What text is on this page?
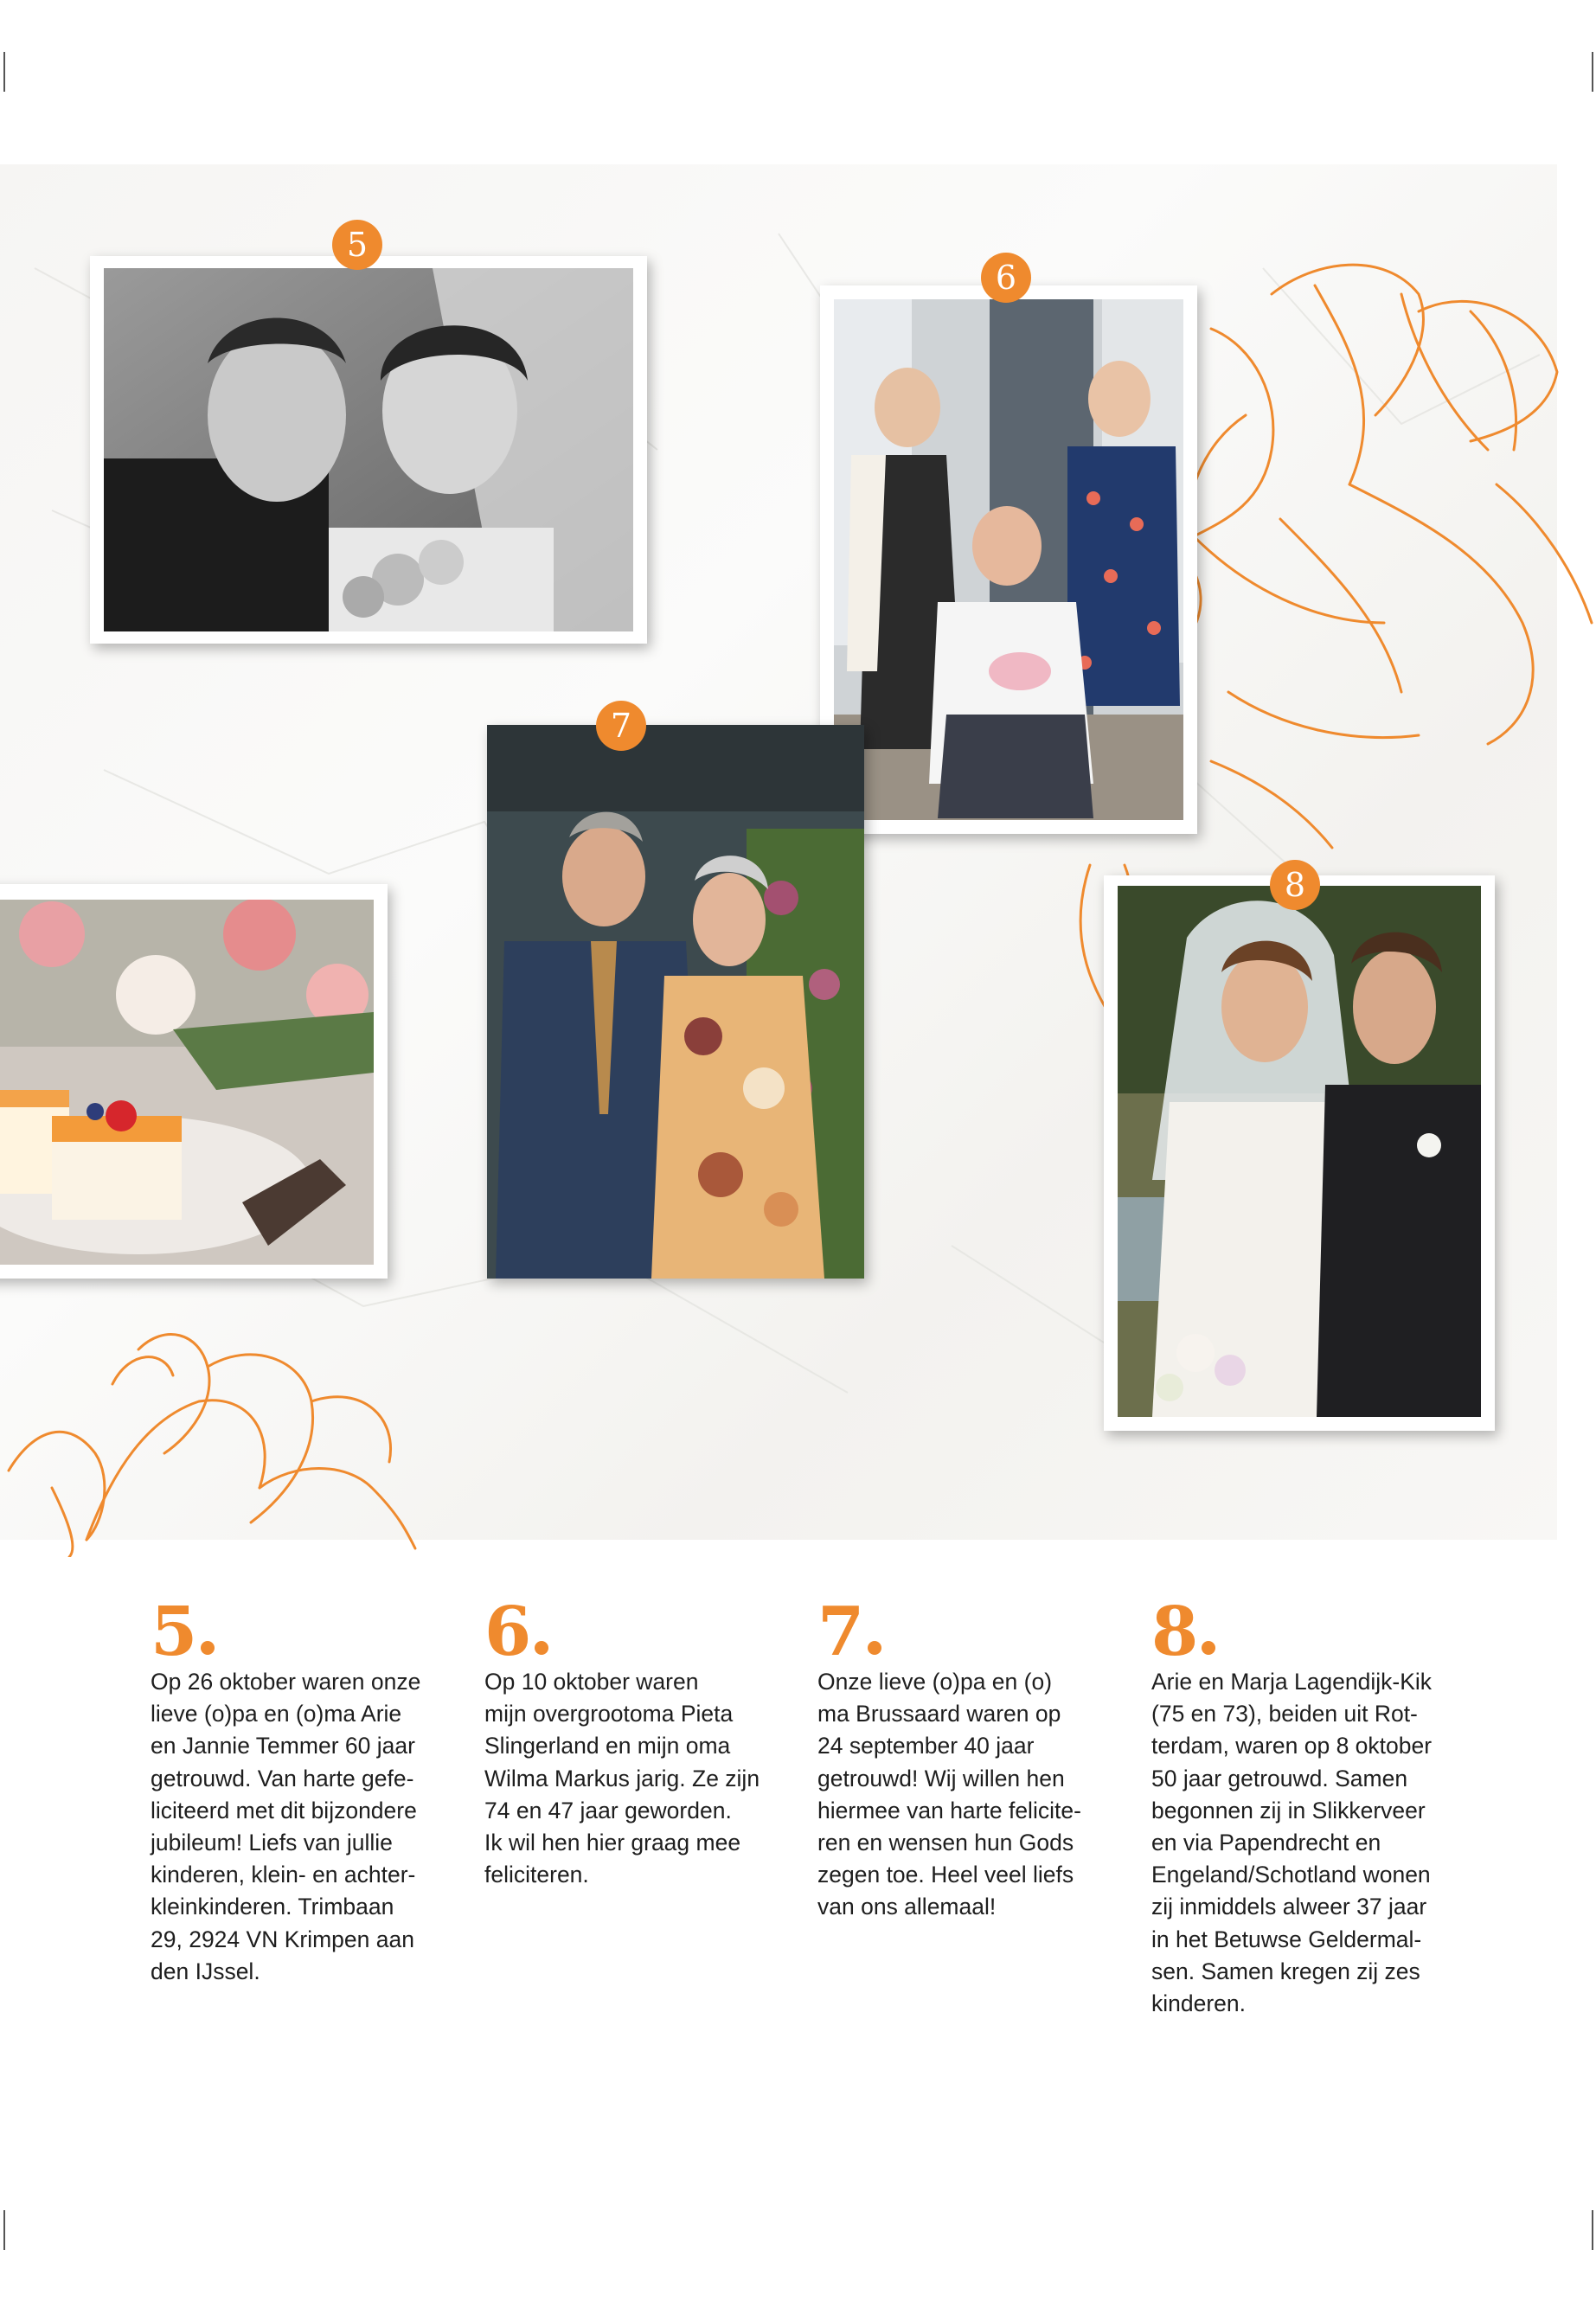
5
6
7
8
5
Op 26 oktober waren onze
lieve (o)pa en (o)ma Arie
en Jannie Temmer 60 jaar
getrouwd. Van harte gefe-
liciteerd met dit bijzondere
jubileum! Liefs van jullie
kinderen, klein- en achter-
kleinkinderen. Trimbaan
29, 2924 VN Krimpen aan
den IJssel.
6
Op 10 oktober waren
mijn overgrootoma Pieta
Slingerland en mijn oma
Wilma Markus jarig. Ze zijn
74 en 47 jaar geworden.
Ik wil hen hier graag mee
feliciteren.
7
Onze lieve (o)pa en (o)
ma Brussaard waren op
24 september 40 jaar
getrouwd! Wij willen hen
hiermee van harte felicite-
ren en wensen hun Gods
zegen toe. Heel veel liefs
van ons allemaal!
8
Arie en Marja Lagendijk-Kik
(75 en 73), beiden uit Rot-
terdam, waren op 8 oktober
50 jaar getrouwd. Samen
begonnen zij in Slikkerveer
en via Papendrecht en
Engeland/Schotland wonen
zij inmiddels alweer 37 jaar
in het Betuwse Geldermal-
sen. Samen kregen zij zes
kinderen.
